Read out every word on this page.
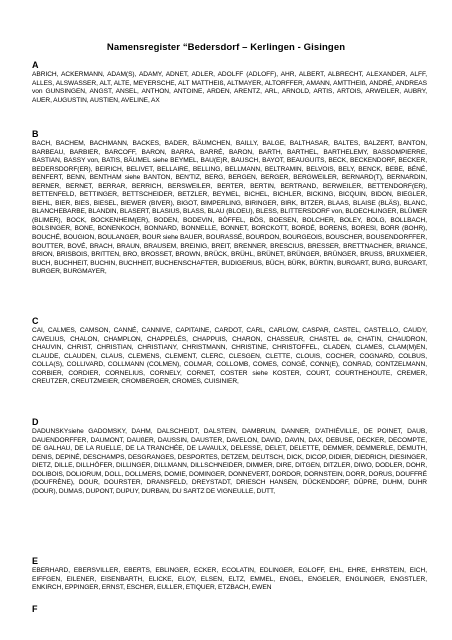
Namensregister “Bedersdorf – Kerlingen - Gisingen
A

ABRICH, ACKERMANN, ADAM(S), ADAMY, ADNET, ADLER, ADOLFF (ADLOFF), AHR, ALBERT, ALBRECHT, ALEXANDER, ALFF, ALLES, ALSWASSER, ALT, ALTE, MEYERSCHE, ALT MATTHEIß, ALTMAYER, ALTORFFER, AMANN, AMTTHEIß, ANDRÉ, ANDREAS von GUNSINGEN, ANGST, ANSEL, ANTHON, ANTOINE, ARDEN, ARENTZ, ARL, ARNOLD, ARTIS, ARTOIS, ARWEILER, AUBRY, AUER, AUGUSTIN, AUSTIEN, AVELINE, AX

B

BACH, BACHEM, BACHMANN, BACKES, BADER, BÄUMCHEN, BAILLY, BALGE, BALTHASAR, BALTES, BALZERT, BANTON, BARBEAU, BARBIER, BARCOFF, BARON, BARRA, BARRÉ, BARON, BARTH, BARTHEL, BARTHELEMY, BASSOMPIERRE, BASTIAN, BASSY von, BATIS, BÄUMEL siehe BEYMEL, BAU(E)R, BAUSCH, BAYOT, BEAUGUITS, BECK, BECKENDORF, BECKER, BEDERSDORF(ER), BEIRICH, BELIVET, BELLAIRE, BELLING, BELLMANN, BELTRAMIN, BELVOIS, BELY, BENCK, BEBE, BÉNÉ, BENFERT, BENN, BENTHAM siehe BANTON, BEN'TIZ, BERG, BERGEN, BERGER, BERGWEILER, BERNARD(T), BERNARDIN, BERNER, BERNET, BERRAR, BERRICH, BERSWEILER, BERTER, BERTIN, BERTRAND, BERWEILER, BETTENDORF(ER), BETTENFELD, BETTINGER, BETTSCHEIDER, BETZLER, BEYMEL, BICHEL, BICHLER, BICKING, BICQUIN, BIDON, BIEGLER, BIEHL, BIER, BIES, BIESEL, BIEWER (BIVER), BIGOT, BIMPERLING, BIRINGER, BIRK, BITZER, BLAAS, BLAISE (BLÄS), BLANC, BLANCHEBARBE, BLANDIN, BLASERT, BLASIUS, BLASS, BLAU (BLOEU), BLESS, BLITTERSDORF von, BLOECHLINGER, BLÜMER (BLIMER), BOCK, BOCKENHEIM(ER), BODEN, BODEVIN, BÖFFEL, BÖS, BOESEN, BOLCHER, BOLEY, BOLG, BOLLBACH, BOLSINGER, BONE, BONENKOCH, BONNARD, BONNELLE, BONNET, BORCKOTT, BORDÉ, BORENS, BORESI, BORR (BOHR), BOUCHÉ, BOUGION, BOULANGER, BOUR siehe BAUER, BOURASSÉ, BOURDON, BOURGEOIS, BOUSCHER, BOUSENDORFFER, BOUTTER, BOVÉ, BRACH, BRAUN, BRAUSEM, BREINIG, BREIT, BRENNER, BRESCIUS, BRESSER, BRETTNACHER, BRIANCE, BRION, BRISBOIS, BRITTEN, BRO, BROSSET, BROWN, BRÜCK, BRÜHL, BRÜNET, BRÜNGER, BRÜNGER, BRUSS, BRUXMEIER, BUCH, BUCHHEIT, BUCHIN, BUCHHEIT, BUCHENSCHAFTER, BUDIGERIUS, BÜCH, BÜRK, BÜRTIN, BURGART, BURG, BURGART, BURGER, BURGMAYER,

C

CAI, CALMES, CAMSON, CANNÉ, CANNIVE, CAPITAINE, CARDOT, CARL, CARLOW, CASPAR, CASTEL, CASTELLO, CAUDY, CAVELIUS, CHALON, CHAMPLON, CHAPPELÉS, CHAPPUIS, CHARON, CHASSEUR, CHASTEL de, CHATIN, CHAUDRON, CHAUVIN, CHRIST, CHRISTIAN, CHRISTIANY, CHRISTMANN, CHRISTINE, CHRISTOFFEL, CLADEN, CLAMES, CLAM(M)EN, CLAUDE, CLAUDEN, CLAUS, CLEMENS, CLEMENT, CLERC, CLESGEN, CLETTE, CLOUIS, COCHER, COGNARD, COLBUS, COLLA(S), COLLIVARD, COLLMANN (COLMEN), COLMAR, COLLOMB, COMES, CONGÉ, CONN(E), CONRAD, CONTZELMANN, CORBIER, CORDIER, CORNELIUS, CORNELY, CORNET, COSTER siehe KOSTER, COURT, COURTHEHOUTE, CREMER, CREUTZER, CREUTZMEIER, CROMBERGER, CROMES, CUISINIER,

D

DADUNSKYsiehe GADOMSKY, DAHM, DALSCHEIDT, DALSTEIN, DAMBRUN, DANNER, D'ATHIÉVILLE, DE POINET, DAUB, DAUENDORFFER, DAUMONT, DAUßER, DAUSSIN, DAUSTER, DAVELON, DAVID, DAVIN, DAX, DEBUSE, DECKER, DECOMPTE, DE GALHAU, DE LA RUELLE, DE LA TRANCHÉE, DE LAVAULX, DELESSE, DELET, DELETTE, DEMMER, DEMMERLE, DEMUTH, DENIS, DEPINÉ, DESCHAMPS, DESGRANGES, DESPORTES, DETZEM, DEUTSCH, DICK, DICOP, DIDIER, DIEDRICH, DIESINGER, DIETZ, DILLE, DILLHÖFER, DILLINGER, DILLMANN, DILLSCHNEIDER, DIMMER, DIRE, DITGEN, DITZLER, DIWO, DODLER, DOHR, DOLIBOIS, DOLIORUM, DOLL, DOLLMERS, DOMIE, DOMINGER, DONNEVERT, DORDOR, DORNSTEIN, DORR, DORUS, DOUFFRÉ (DOUFRÈNE), DOUR, DOURSTER, DRANSFELD, DREYSTADT, DRIESCH HANSEN, DÜCKENDORF, DÜPRE, DUHM, DUHR (DOUR), DUMAS, DUPONT, DUPUY, DURBAN, DU SARTZ DE VIGNEULLE, DUTT,

E

EBERHARD, EBERSVILLER, EBERTS, EBLINGER, ECKER, ECOLATIN, EDLINGER, EGLOFF, EHL, EHRE, EHRSTEIN, EICH, EIFFGEN, EILENER, EISENBARTH, ELICKE, ELOY, ELSEN, ELTZ, EMMEL, ENGEL, ENGELER, ENGLINGER, ENGSTLER, ENKIRCH, EPPINGER, ERNST, ESCHER, EULLER, ETIQUER, ETZBACH, EWEN

F
